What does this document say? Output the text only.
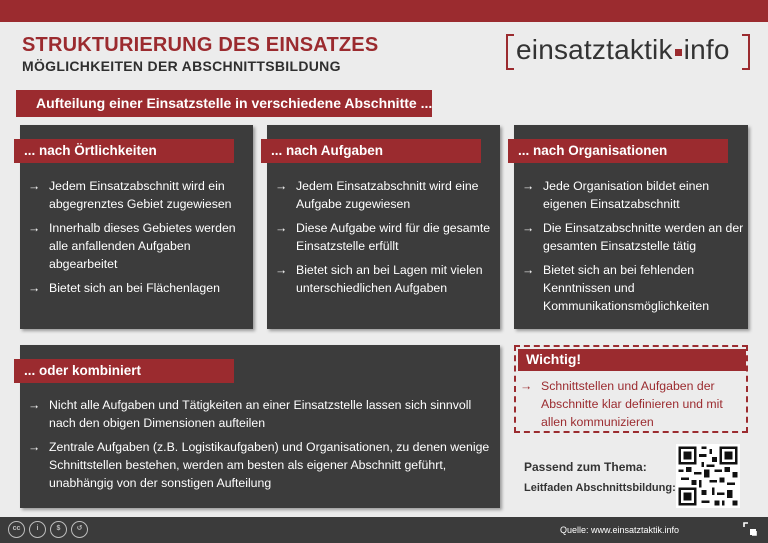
STRUKTURIERUNG DES EINSATZES
MÖGLICHKEITEN DER ABSCHNITTSBILDUNG
einsatztaktik info
Aufteilung einer Einsatzstelle in verschiedene Abschnitte ...
... nach Örtlichkeiten
→ Jedem Einsatzabschnitt wird ein abgegrenztes Gebiet zugewiesen
→ Innerhalb dieses Gebietes werden alle anfallenden Aufgaben abgearbeitet
→ Bietet sich an bei Flächenlagen
... nach Aufgaben
→ Jedem Einsatzabschnitt wird eine Aufgabe zugewiesen
→ Diese Aufgabe wird für die gesamte Einsatzstelle erfüllt
→ Bietet sich an bei Lagen mit vielen unterschiedlichen Aufgaben
... nach Organisationen
→ Jede Organisation bildet einen eigenen Einsatzabschnitt
→ Die Einsatzabschnitte werden an der gesamten Einsatzstelle tätig
→ Bietet sich an bei fehlenden Kenntnissen und Kommunikationsmöglichkeiten
... oder kombiniert
→ Nicht alle Aufgaben und Tätigkeiten an einer Einsatzstelle lassen sich sinnvoll nach den obigen Dimensionen aufteilen
→ Zentrale Aufgaben (z.B. Logistikaufgaben) und Organisationen, zu denen wenige Schnittstellen bestehen, werden am besten als eigener Abschnitt geführt, unabhängig von der sonstigen Aufteilung
Wichtig!
→ Schnittstellen und Aufgaben der Abschnitte klar definieren und mit allen kommunizieren
Passend zum Thema:
Leitfaden Abschnittsbildung:
cc	i	$	↺	Quelle: www.einsatztaktik.info
